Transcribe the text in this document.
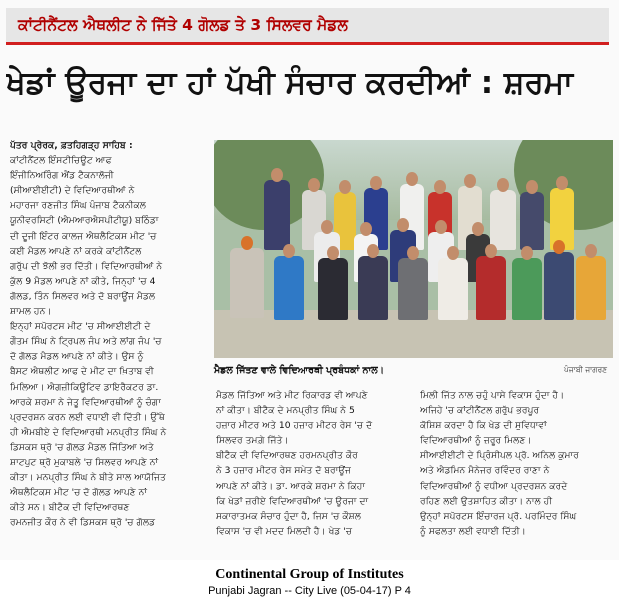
ਕਾਂਟੀਨੈਂਟਲ ਐਥਲੀਟ ਨੇ ਜਿੱਤੇ 4 ਗੋਲਡ ਤੇ 3 ਸਿਲਵਰ ਮੈਡਲ
ਖੇਡਾਂ ਊਰਜਾ ਦਾ ਹਾਂ ਪੱਖੀ ਸੰਚਾਰ ਕਰਦੀਆਂ : ਸ਼ਰਮਾ

ਪੱਤਰ ਪ੍ਰੇਰਕ, ਫ਼ਤਹਿਗੜ੍ਹ ਸਾਹਿਬ :

ਕਾਂਟੀਨੈਂਟਲ ਇੰਸਟੀਚਿਊਟ ਆਫ

ਇੰਜੀਨਿਅਰਿੰਗ ਐਂਡ ਟੈਕਨਾਲੋਜੀ

(ਸੀਆਈਈਟੀ) ਦੇ ਵਿਦਿਆਰਥੀਆਂ ਨੇ

ਮਹਾਰਜਾ ਰਣਜੀਤ ਸਿੰਘ ਪੰਜਾਬ ਟੈਕਨੀਕਲ

ਯੂਨੀਵਰਸਿਟੀ (ਐਮਆਰਐਸਪੀਟੀਯੂ) ਬਠਿੰਡਾ

ਦੀ ਦੂਜੀ ਇੰਟਰ ਕਾਲਜ ਐਥਲੈਟਿਕਸ ਮੀਟ 'ਚ

ਕਈ ਮੈਡਲ ਆਪਣੇ ਨਾਂ ਕਰਕੇ ਕਾਂਟੀਨੈਂਟਲ

ਗਰੁੱਪ ਦੀ ਝੋਲੀ ਭਰ ਦਿੱਤੀ। ਵਿਦਿਆਰਥੀਆਂ ਨੇ

ਕੁੱਲ 9 ਮੈਡਲ ਆਪਣੇ ਨਾਂ ਕੀਤੇ, ਜਿਨ੍ਹਾਂ 'ਚ 4

ਗੋਲਡ, ਤਿੰਨ ਸਿਲਵਰ ਅਤੇ ਦੋ ਬਰਾਊਂਜ ਮੈਡਲ

ਸ਼ਾਮਲ ਹਨ।

ਇਨ੍ਹਾਂ ਸਪੋਰਟਸ ਮੀਟ 'ਚ ਸੀਆਈਈਟੀ ਦੇ

ਗੌਤਮ ਸਿੰਘ ਨੇ ਟ੍ਰਿਪਲ ਜੰਪ ਅਤੇ ਲਾਂਗ ਜੰਪ 'ਚ

ਦੋ ਗੋਲਡ ਮੈਡਲ ਆਪਣੇ ਨਾਂ ਕੀਤੇ। ਉਸ ਨੂੰ

ਬੈਸਟ ਐਥਲੀਟ ਆਫ ਦੇ ਮੀਟ ਦਾ ਖ਼ਿਤਾਬ ਵੀ

ਮਿਲਿਆ। ਐਗਜ਼ੀਕਿਊਟਿਵ ਡਾਇਰੈਕਟਰ ਡਾ.

ਆਰਕੇ ਸ਼ਰਮਾ ਨੇ ਜੇਤੂ ਵਿਦਿਆਰਥੀਆਂ ਨੂੰ ਚੰਗਾ

ਪ੍ਰਦਰਸ਼ਨ ਕਰਨ ਲਈ ਵਧਾਈ ਵੀ ਦਿੱਤੀ। ਉੱਥੇ

ਹੀ ਐਮਬੀਏ ਦੇ ਵਿਦਿਆਰਥੀ ਮਨਪ੍ਰੀਤ ਸਿੰਘ ਨੇ

ਡਿਸਕਸ ਥ੍ਰੋ 'ਚ ਗੋਲਡ ਮੈਡਲ ਜਿੱਤਿਆ ਅਤੇ

ਸ਼ਾਟਪੁਟ ਥ੍ਰੋ ਮੁਕਾਬਲੇ 'ਚ ਸਿਲਵਰ ਆਪਣੇ ਨਾਂ

ਕੀਤਾ। ਮਨਪ੍ਰੀਤ ਸਿੰਘ ਨੇ ਬੀਤੇ ਸਾਲ ਆਯੋਜਿਤ

ਐਥਲੈਟਿਕਸ ਮੀਟ 'ਚ ਦੋ ਗੋਲਡ ਆਪਣੇ ਨਾਂ

ਕੀਤੇ ਸਨ। ਬੀਟੈਕ ਦੀ ਵਿਦਿਆਰਥਣ

ਰਮਨਜੀਤ ਕੌਰ ਨੇ ਵੀ ਡਿਸਕਸ ਥ੍ਰੋ 'ਚ ਗੋਲਡ

ਮੈਡਲ ਜਿੱਤਣ ਵਾਲੇ ਵਿਦਿਆਰਥੀ ਪ੍ਰਬੰਧਕਾਂ ਨਾਲ।	ਪੰਜਾਬੀ ਜਾਗਰਣ

ਮੈਡਲ ਜਿੱਤਿਆ ਅਤੇ ਮੀਟ ਰਿਕਾਰਡ ਵੀ ਆਪਣੇ

ਨਾਂ ਕੀਤਾ। ਬੀਟੈਕ ਦੇ ਮਨਪ੍ਰੀਤ ਸਿੰਘ ਨੇ 5

ਹਜ਼ਾਰ ਮੀਟਰ ਅਤੇ 10 ਹਜ਼ਾਰ ਮੀਟਰ ਰੇਸ 'ਚ ਦੋ

ਸਿਲਵਰ ਤਮਗ਼ੇ ਜਿੱਤੇ।

ਬੀਟੈਕ ਦੀ ਵਿਦਿਆਰਥਣ ਹਰਮਨਪ੍ਰੀਤ ਕੌਰ

ਨੇ 3 ਹਜ਼ਾਰ ਮੀਟਰ ਰੇਸ ਸਮੇਤ ਦੋ ਬਰਾਊਂਜ

ਆਪਣੇ ਨਾਂ ਕੀਤੇ। ਡਾ. ਆਰਕੇ ਸ਼ਰਮਾ ਨੇ ਕਿਹਾ

ਕਿ ਖੇਡਾਂ ਜ਼ਰੀਏ ਵਿਦਿਆਰਥੀਆਂ 'ਚ ਊਰਜਾ ਦਾ

ਸਕਾਰਾਤਮਕ ਸੰਚਾਰ ਹੁੰਦਾ ਹੈ, ਜਿਸ 'ਚ ਕੌਸ਼ਲ

ਵਿਕਾਸ 'ਚ ਵੀ ਮਦਦ ਮਿਲਦੀ ਹੈ। ਖੇਡ 'ਚ

ਮਿਲੀ ਜਿੱਤ ਨਾਲ ਚਹੁੰ ਪਾਸੇ ਵਿਕਾਸ ਹੁੰਦਾ ਹੈ।

ਅਜਿਹੇ 'ਚ ਕਾਂਟੀਨੈਂਟਲ ਗਰੁੱਪ ਭਰਪੂਰ

ਕੋਸ਼ਿਸ਼ ਕਰਦਾ ਹੈ ਕਿ ਖੇਡ ਦੀ ਸੁਵਿਧਾਵਾਂ

ਵਿਦਿਆਰਥੀਆਂ ਨੂੰ ਜ਼ਰੂਰ ਮਿਲਣ।

ਸੀਆਈਈਟੀ ਦੇ ਪ੍ਰਿੰਸੀਪਲ ਪ੍ਰੋ. ਅਨਿਲ ਕੁਮਾਰ

ਅਤੇ ਐਡਮਿਨ ਮੈਨੇਜਰ ਰਵਿੰਦਰ ਰਾਣਾ ਨੇ

ਵਿਦਿਆਰਥੀਆਂ ਨੂੰ ਵਧੀਆ ਪ੍ਰਦਰਸ਼ਨ ਕਰਦੇ

ਰਹਿਣ ਲਈ ਉਤਸ਼ਾਹਿਤ ਕੀਤਾ। ਨਾਲ ਹੀ

ਉਨ੍ਹਾਂ ਸਪੋਰਟਸ ਇੰਚਾਰਜ ਪ੍ਰੋ. ਪਰਮਿੰਦਰ ਸਿੰਘ

ਨੂੰ ਸਫਲਤਾ ਲਈ ਵਧਾਈ ਦਿੱਤੀ।

Continental Group of Institutes
Punjabi Jagran -- City Live (05-04-17) P 4
